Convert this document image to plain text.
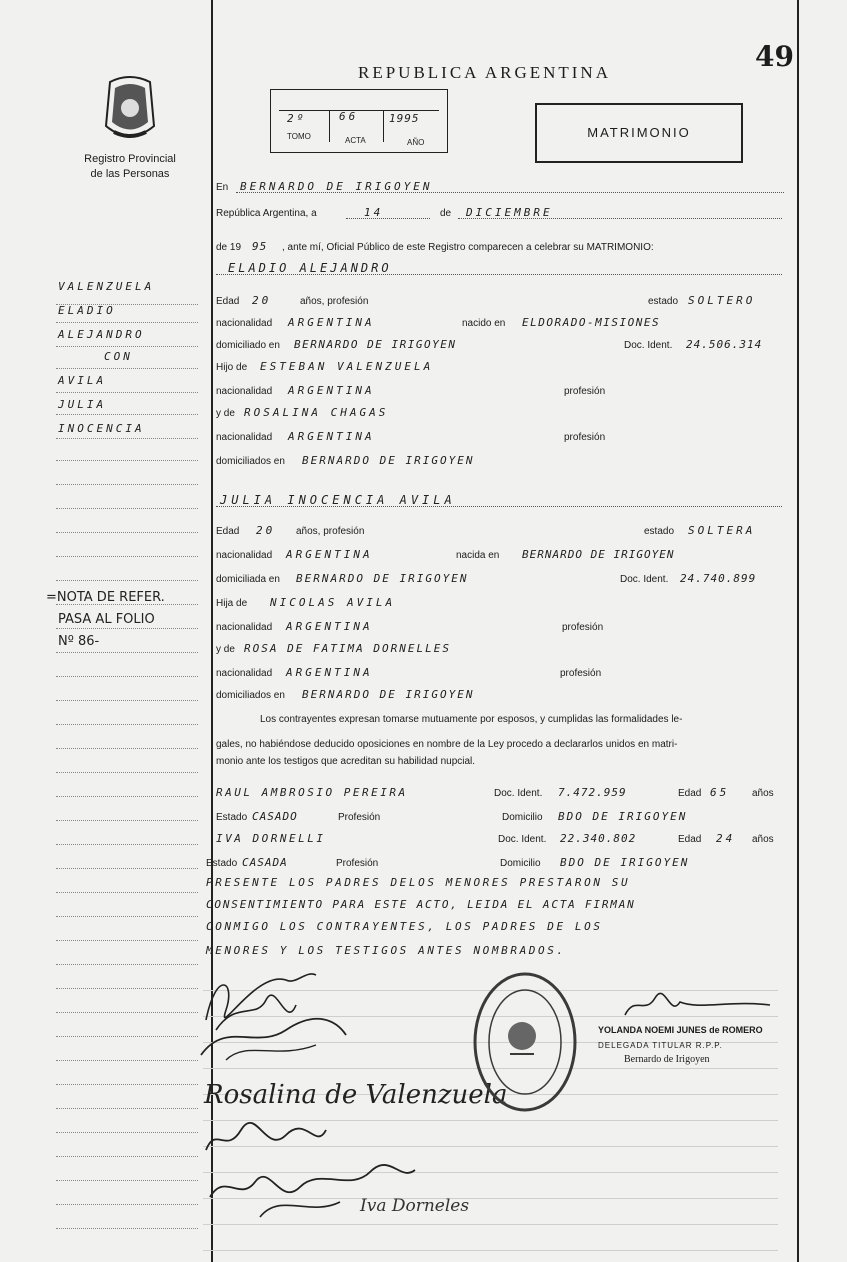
49
REPUBLICA ARGENTINA
Registro Provincial
de las Personas
2º	66	1995
TOMO	ACTA	AÑO
MATRIMONIO
En BERNARDO DE IRIGOYEN
República Argentina, a	14	de DICIEMBRE
de 19 95 , ante mí, Oficial Público de este Registro comparecen a celebrar su MATRIMONIO:
ELADIO ALEJANDRO
Edad 20	años, profesión	estado SOLTERO
nacionalidad ARGENTINA	nacido en ELDORADO-MISIONES
domiciliado en BERNARDO DE IRIGOYEN	Doc. Ident. 24.506.314
Hijo de ESTEBAN VALENZUELA
nacionalidad ARGENTINA	profesión
y de ROSALINA CHAGAS
nacionalidad ARGENTINA	profesión
domiciliados en BERNARDO DE IRIGOYEN
JULIA INOCENCIA AVILA
Edad 20 años, profesión	estado SOLTERA
nacionalidad ARGENTINA	nacida en BERNARDO DE IRIGOYEN
domiciliada en BERNARDO DE IRIGOYEN	Doc. Ident. 24.740.899
Hija de NICOLAS AVILA
nacionalidad ARGENTINA	profesión
y de ROSA DE FATIMA DORNELLES
nacionalidad ARGENTINA	profesión
domiciliados en BERNARDO DE IRIGOYEN
Los contrayentes expresan tomarse mutuamente por esposos, y cumplidas las formalidades le-
gales, no habiéndose deducido oposiciones en nombre de la Ley procedo a declararlos unidos en matri-
monio ante los testigos que acreditan su habilidad nupcial.
RAUL AMBROSIO PEREIRA	Doc. Ident. 7.472.959	Edad 65 años
Estado CASADO	Profesión	Domicilio BDO DE IRIGOYEN
IVA DORNELLI	Doc. Ident. 22.340.802	Edad 24 años
Estado CASADA	Profesión	Domicilio BDO DE IRIGOYEN
PRESENTE LOS PADRES DELOS MENORES PRESTARON SU
CONSENTIMIENTO PARA ESTE ACTO, LEIDA EL ACTA FIRMAN
CONMIGO LOS CONTRAYENTES, LOS PADRES DE LOS
MENORES Y LOS TESTIGOS ANTES NOMBRADOS.
Rosalina de Valenzuela
Iva Dorneles
YOLANDA NOEMI JUNES de ROMERO
DELEGADA TITULAR R.P.P.
Bernardo de Irigoyen
VALENZUELA
ELADIO
ALEJANDRO
CON
AVILA
JULIA
INOCENCIA
=NOTA DE REFER.
PASA AL FOLIO
Nº 86-
